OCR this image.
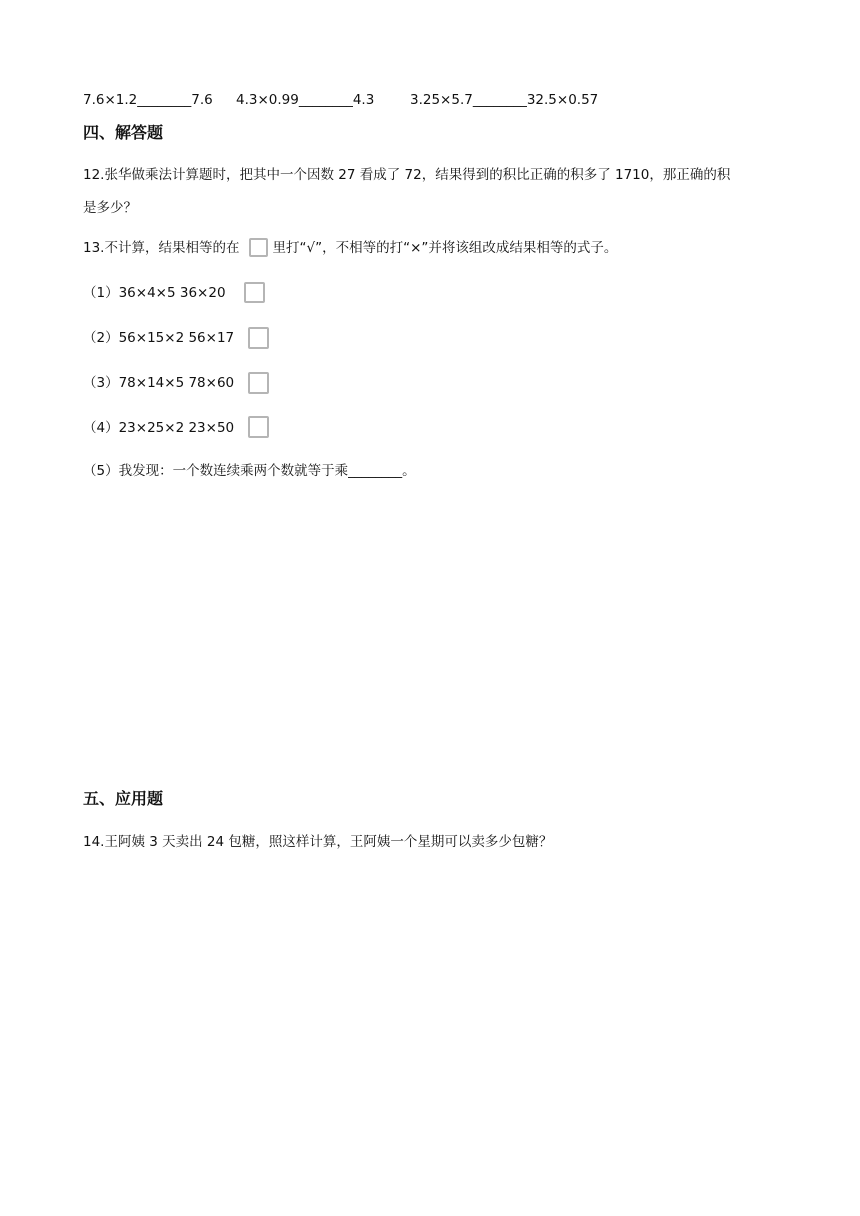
7.6×1.2________7.6 4.3×0.99________4.3	3.25×5.7________32.5×0.57
四、解答题
12.张华做乘法计算题时，把其中一个因数 27 看成了 72，结果得到的积比正确的积多了 1710，那正确的积
是多少？
13.不计算，结果相等的在 里打“√”，不相等的打“×”并将该组改成结果相等的式子。
（1）36×4×5 36×20
（2）56×15×2 56×17
（3）78×14×5 78×60
（4）23×25×2 23×50
（5）我发现：一个数连续乘两个数就等于乘________。
五、应用题
14.王阿姨 3 天卖出 24 包糖，照这样计算，王阿姨一个星期可以卖多少包糖？
